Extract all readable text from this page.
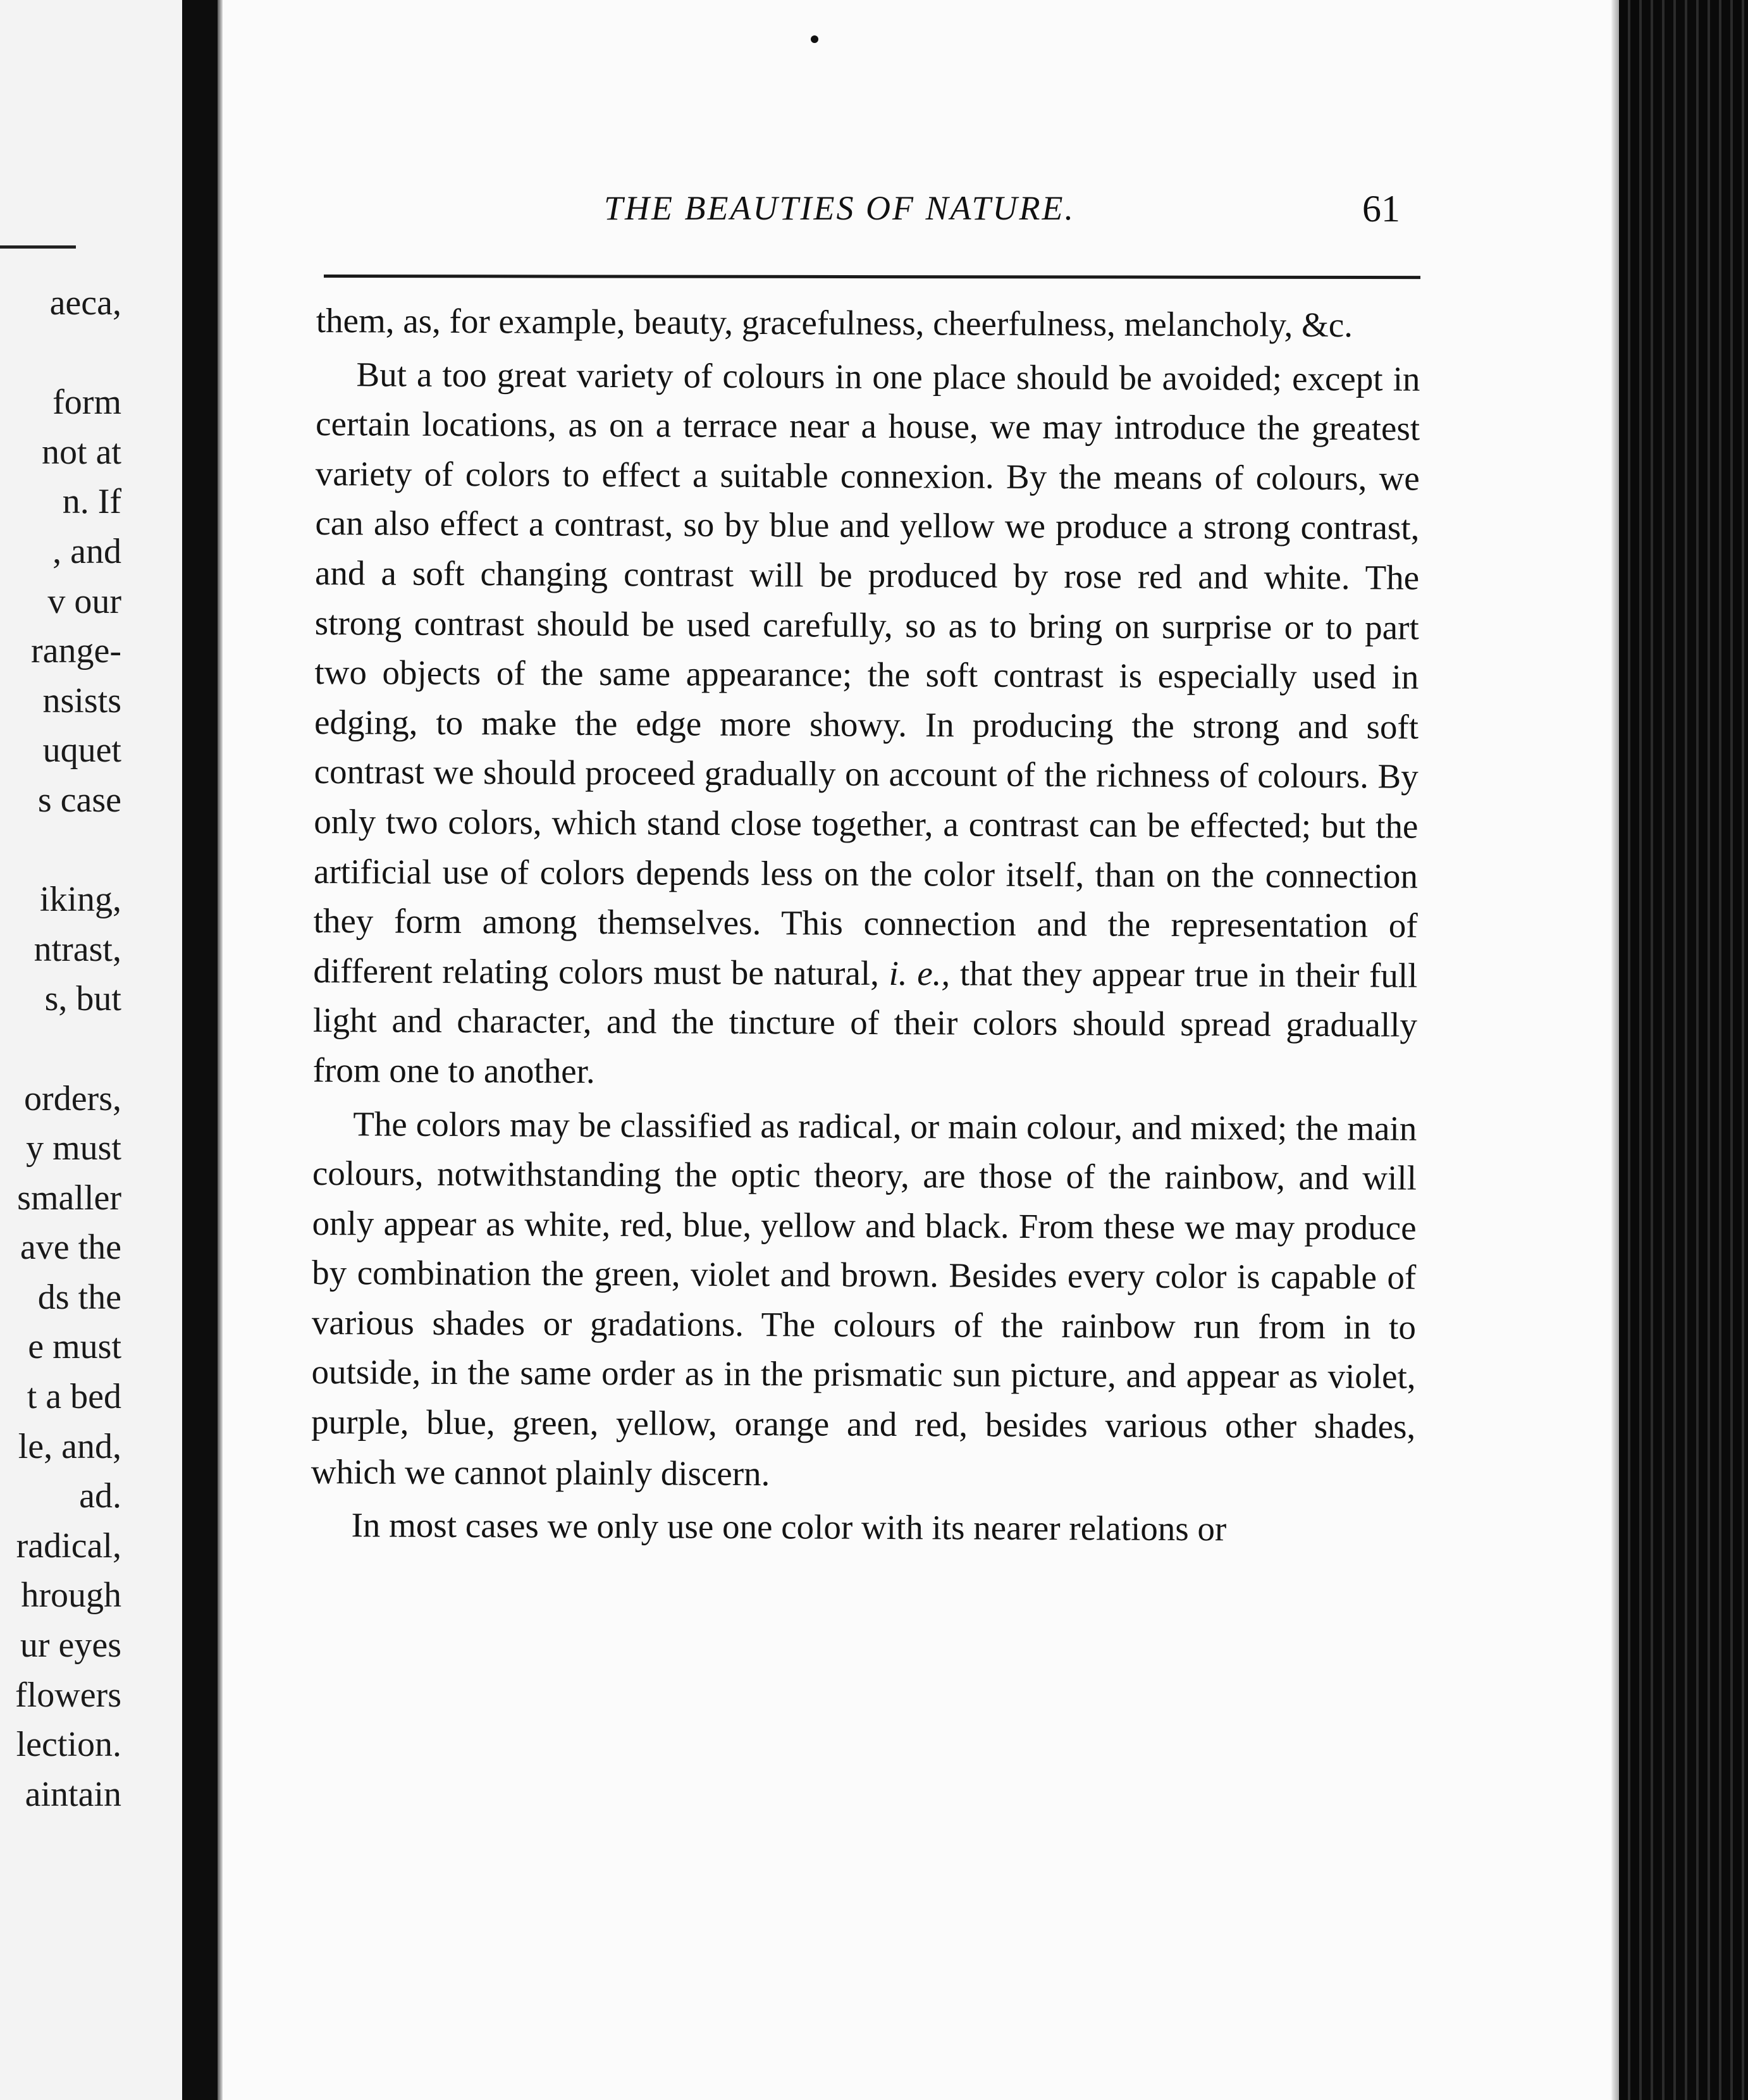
aeca,

form
not at
n. If
, and
v our
range-
nsists
uquet
s case

iking,
ntrast,
s, but

orders,
y must
smaller
ave the
ds the
e must
t a bed
le, and,
ad.
radical,
hrough
ur eyes
flowers
lection.
aintain
THE BEAUTIES OF NATURE.	61

them, as, for example, beauty, gracefulness, cheerfulness, melancholy, &c.

But a too great variety of colours in one place should be avoided; except in certain locations, as on a terrace near a house, we may introduce the greatest variety of colors to effect a suitable connexion. By the means of colours, we can also effect a contrast, so by blue and yellow we produce a strong contrast, and a soft changing contrast will be produced by rose red and white. The strong contrast should be used carefully, so as to bring on surprise or to part two objects of the same appearance; the soft contrast is especially used in edging, to make the edge more showy. In producing the strong and soft contrast we should proceed gradually on account of the richness of colours. By only two colors, which stand close together, a contrast can be effected; but the artificial use of colors depends less on the color itself, than on the connection they form among themselves. This connection and the representation of different relating colors must be natural, i. e., that they appear true in their full light and character, and the tincture of their colors should spread gradually from one to another.

The colors may be classified as radical, or main colour, and mixed; the main colours, notwithstanding the optic theory, are those of the rainbow, and will only appear as white, red, blue, yellow and black. From these we may produce by combination the green, violet and brown. Besides every color is capable of various shades or gradations. The colours of the rainbow run from in to outside, in the same order as in the prismatic sun picture, and appear as violet, purple, blue, green, yellow, orange and red, besides various other shades, which we cannot plainly discern.

In most cases we only use one color with its nearer relations or
